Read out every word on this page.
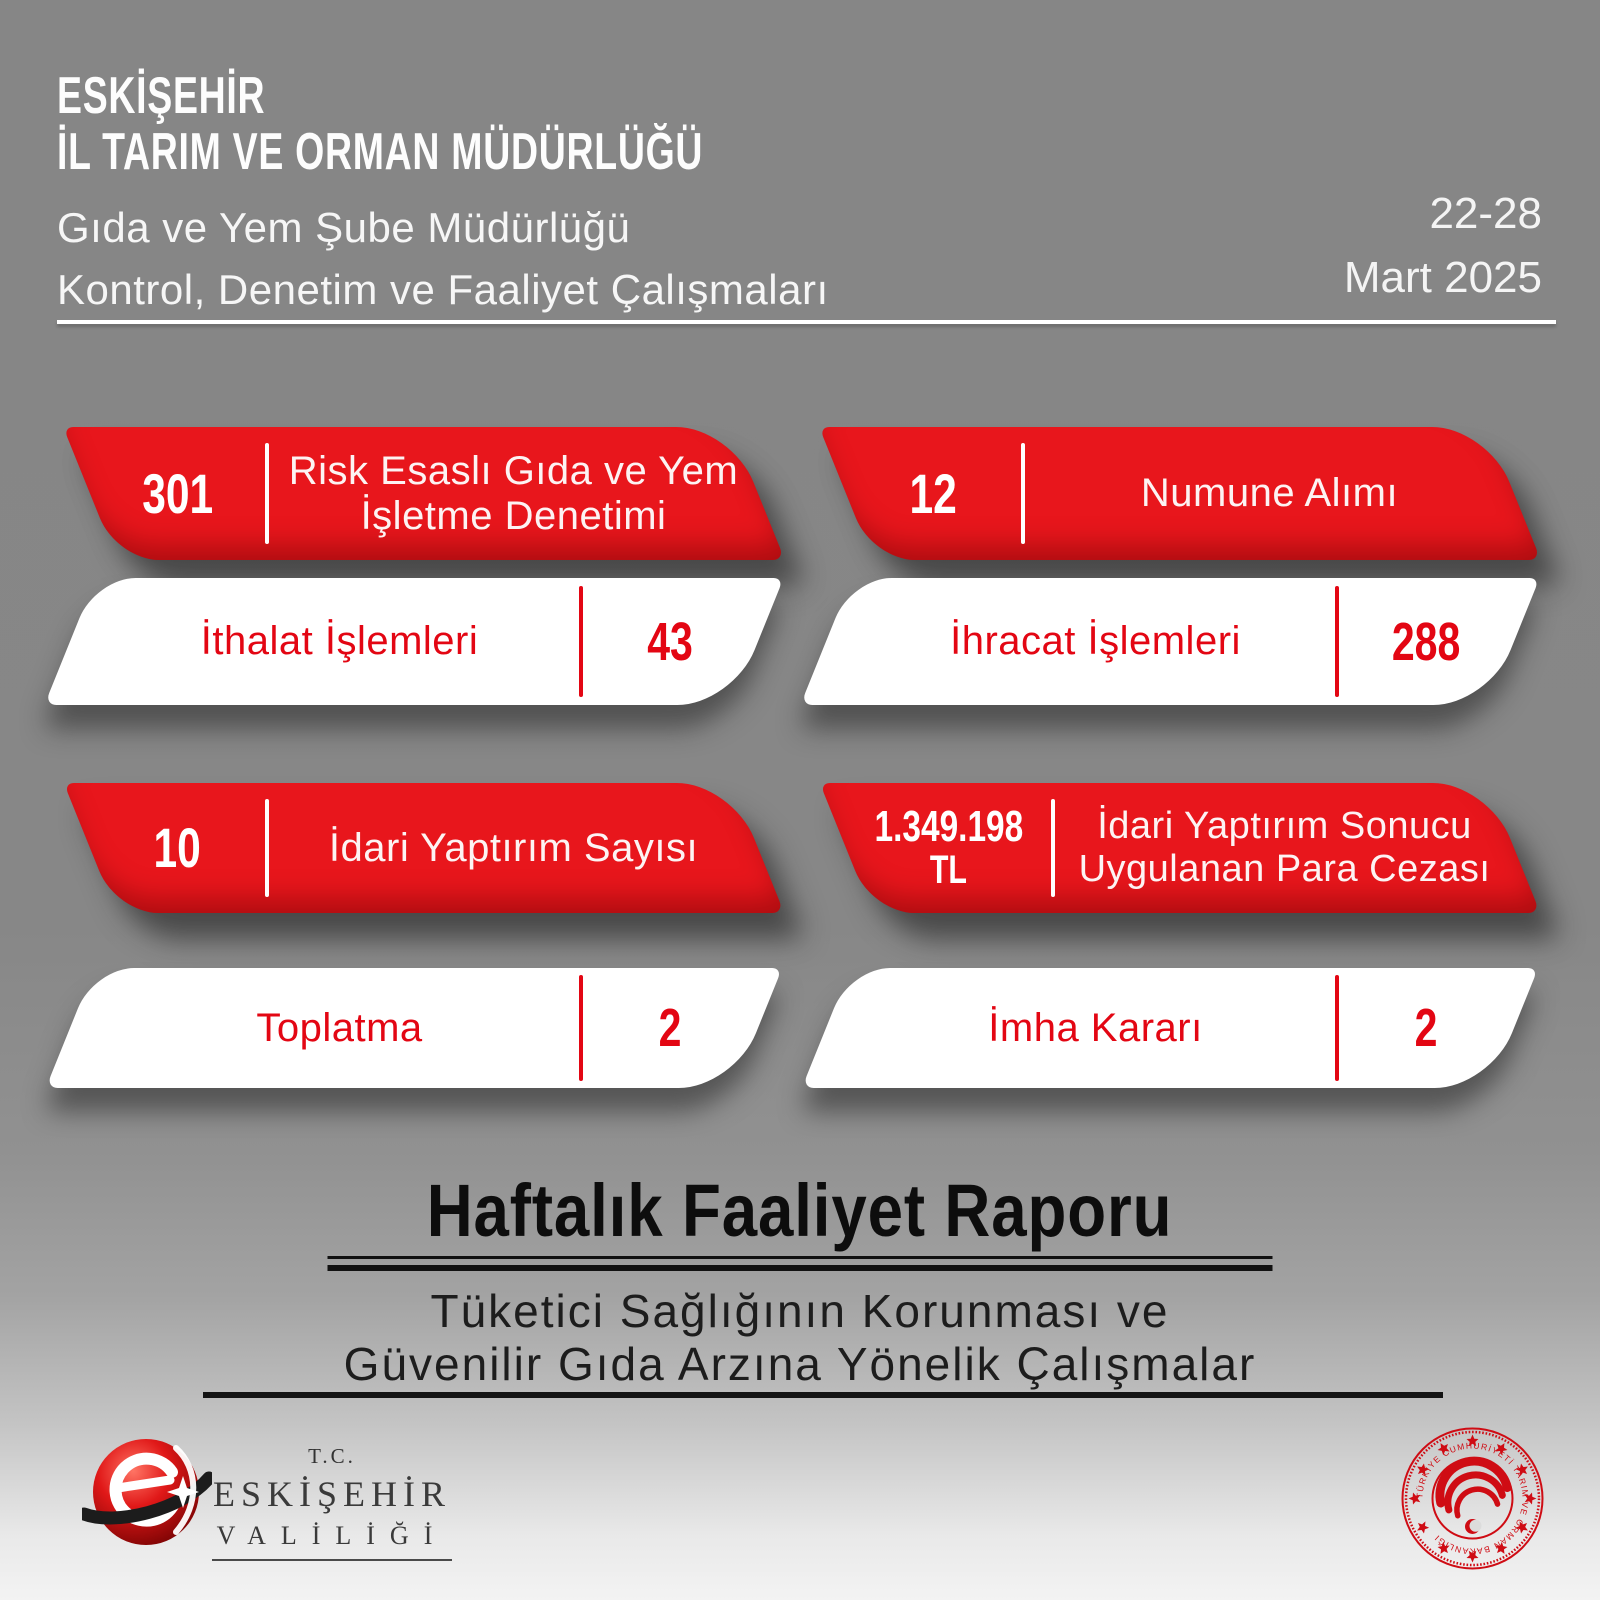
ESKİŞEHİR
İL TARIM VE ORMAN MÜDÜRLÜĞÜ
Gıda ve Yem Şube Müdürlüğü
Kontrol, Denetim ve Faaliyet Çalışmaları
22-28
Mart 2025
301 Risk Esaslı Gıda ve Yem
İşletme Denetimi	12	Numune Alımı
İthalat İşlemleri	43	İhracat İşlemleri	288
10	İdari Yaptırım Sayısı	1.349.198
TL
İdari Yaptırım Sonucu
Uygulanan Para Cezası
Toplatma	2	İmha Kararı	2
Haftalık Faaliyet Raporu
Tüketici Sağlığının Korunması ve
Güvenilir Gıda Arzına Yönelik Çalışmalar
T.C.
ESKİŞEHİR
VALİLİĞİ
TÜRKİYE CUMHURİYETİ TARIM VE ORMAN BAKANLIĞI
